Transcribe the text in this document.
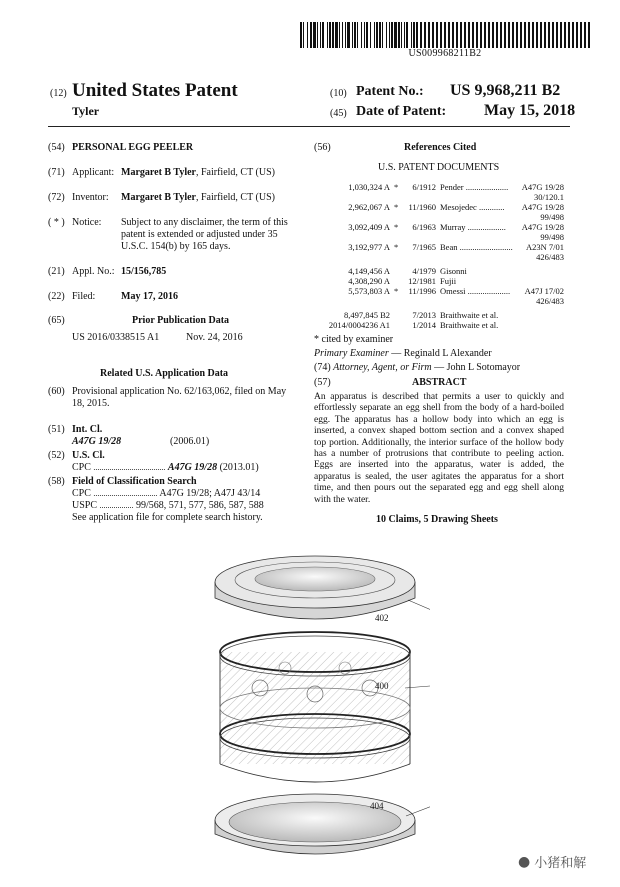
US009968211B2
(12) United States Patent
Tyler
(10) Patent No.: US 9,968,211 B2
(45) Date of Patent: May 15, 2018
(54) PERSONAL EGG PEELER
(71) Applicant: Margaret B Tyler, Fairfield, CT (US)
(72) Inventor: Margaret B Tyler, Fairfield, CT (US)
( * ) Notice: Subject to any disclaimer, the term of this patent is extended or adjusted under 35 U.S.C. 154(b) by 165 days.
(21) Appl. No.: 15/156,785
(22) Filed:	May 17, 2016
(65)	Prior Publication Data
US 2016/0338515 A1	Nov. 24, 2016
Related U.S. Application Data
(60) Provisional application No. 62/163,062, filed on May 18, 2015.
(51) Int. Cl.
A47G 19/28	(2006.01)
(52) U.S. Cl.
CPC .................................... A47G 19/28 (2013.01)
(58) Field of Classification Search
CPC ................................ A47G 19/28; A47J 43/14
USPC ................. 99/568, 571, 577, 586, 587, 588
See application file for complete search history.
(56)	References Cited
U.S. PATENT DOCUMENTS
1,030,324 A *	6/1912 Pender .................... A47G 19/28
30/120.1
2,962,067 A *	11/1960 Mesojedec ............ A47G 19/28
99/498
3,092,409 A *	6/1963 Murray .................. A47G 19/28
99/498
3,192,977 A *	7/1965 Bean .........................	A23N 7/01
426/483
4,149,456 A	4/1979 Gisonni
4,308,290 A	12/1981 Fujii
5,573,803 A *	11/1996 Omessi ....................	A47J 17/02
426/483
8,497,845 B2	7/2013 Braithwaite et al.
2014/0004236 A1	1/2014 Braithwaite et al.
* cited by examiner
Primary Examiner — Reginald L Alexander
(74) Attorney, Agent, or Firm — John L Sotomayor
(57)	ABSTRACT
An apparatus is described that permits a user to quickly and effortlessly separate an egg shell from the body of a hard-boiled egg. The apparatus has a hollow body into which an egg is inserted, a convex shaped bottom section and a convex shaped top portion. Additionally, the interior surface of the hollow body has a number of protrusions that contribute to peeling action. Eggs are inserted into the apparatus, water is added, the apparatus is sealed, the user agitates the apparatus for a short time, and then pours out the separated egg and egg shell along with the water.
10 Claims, 5 Drawing Sheets
402
400
404
● 小猪和解
